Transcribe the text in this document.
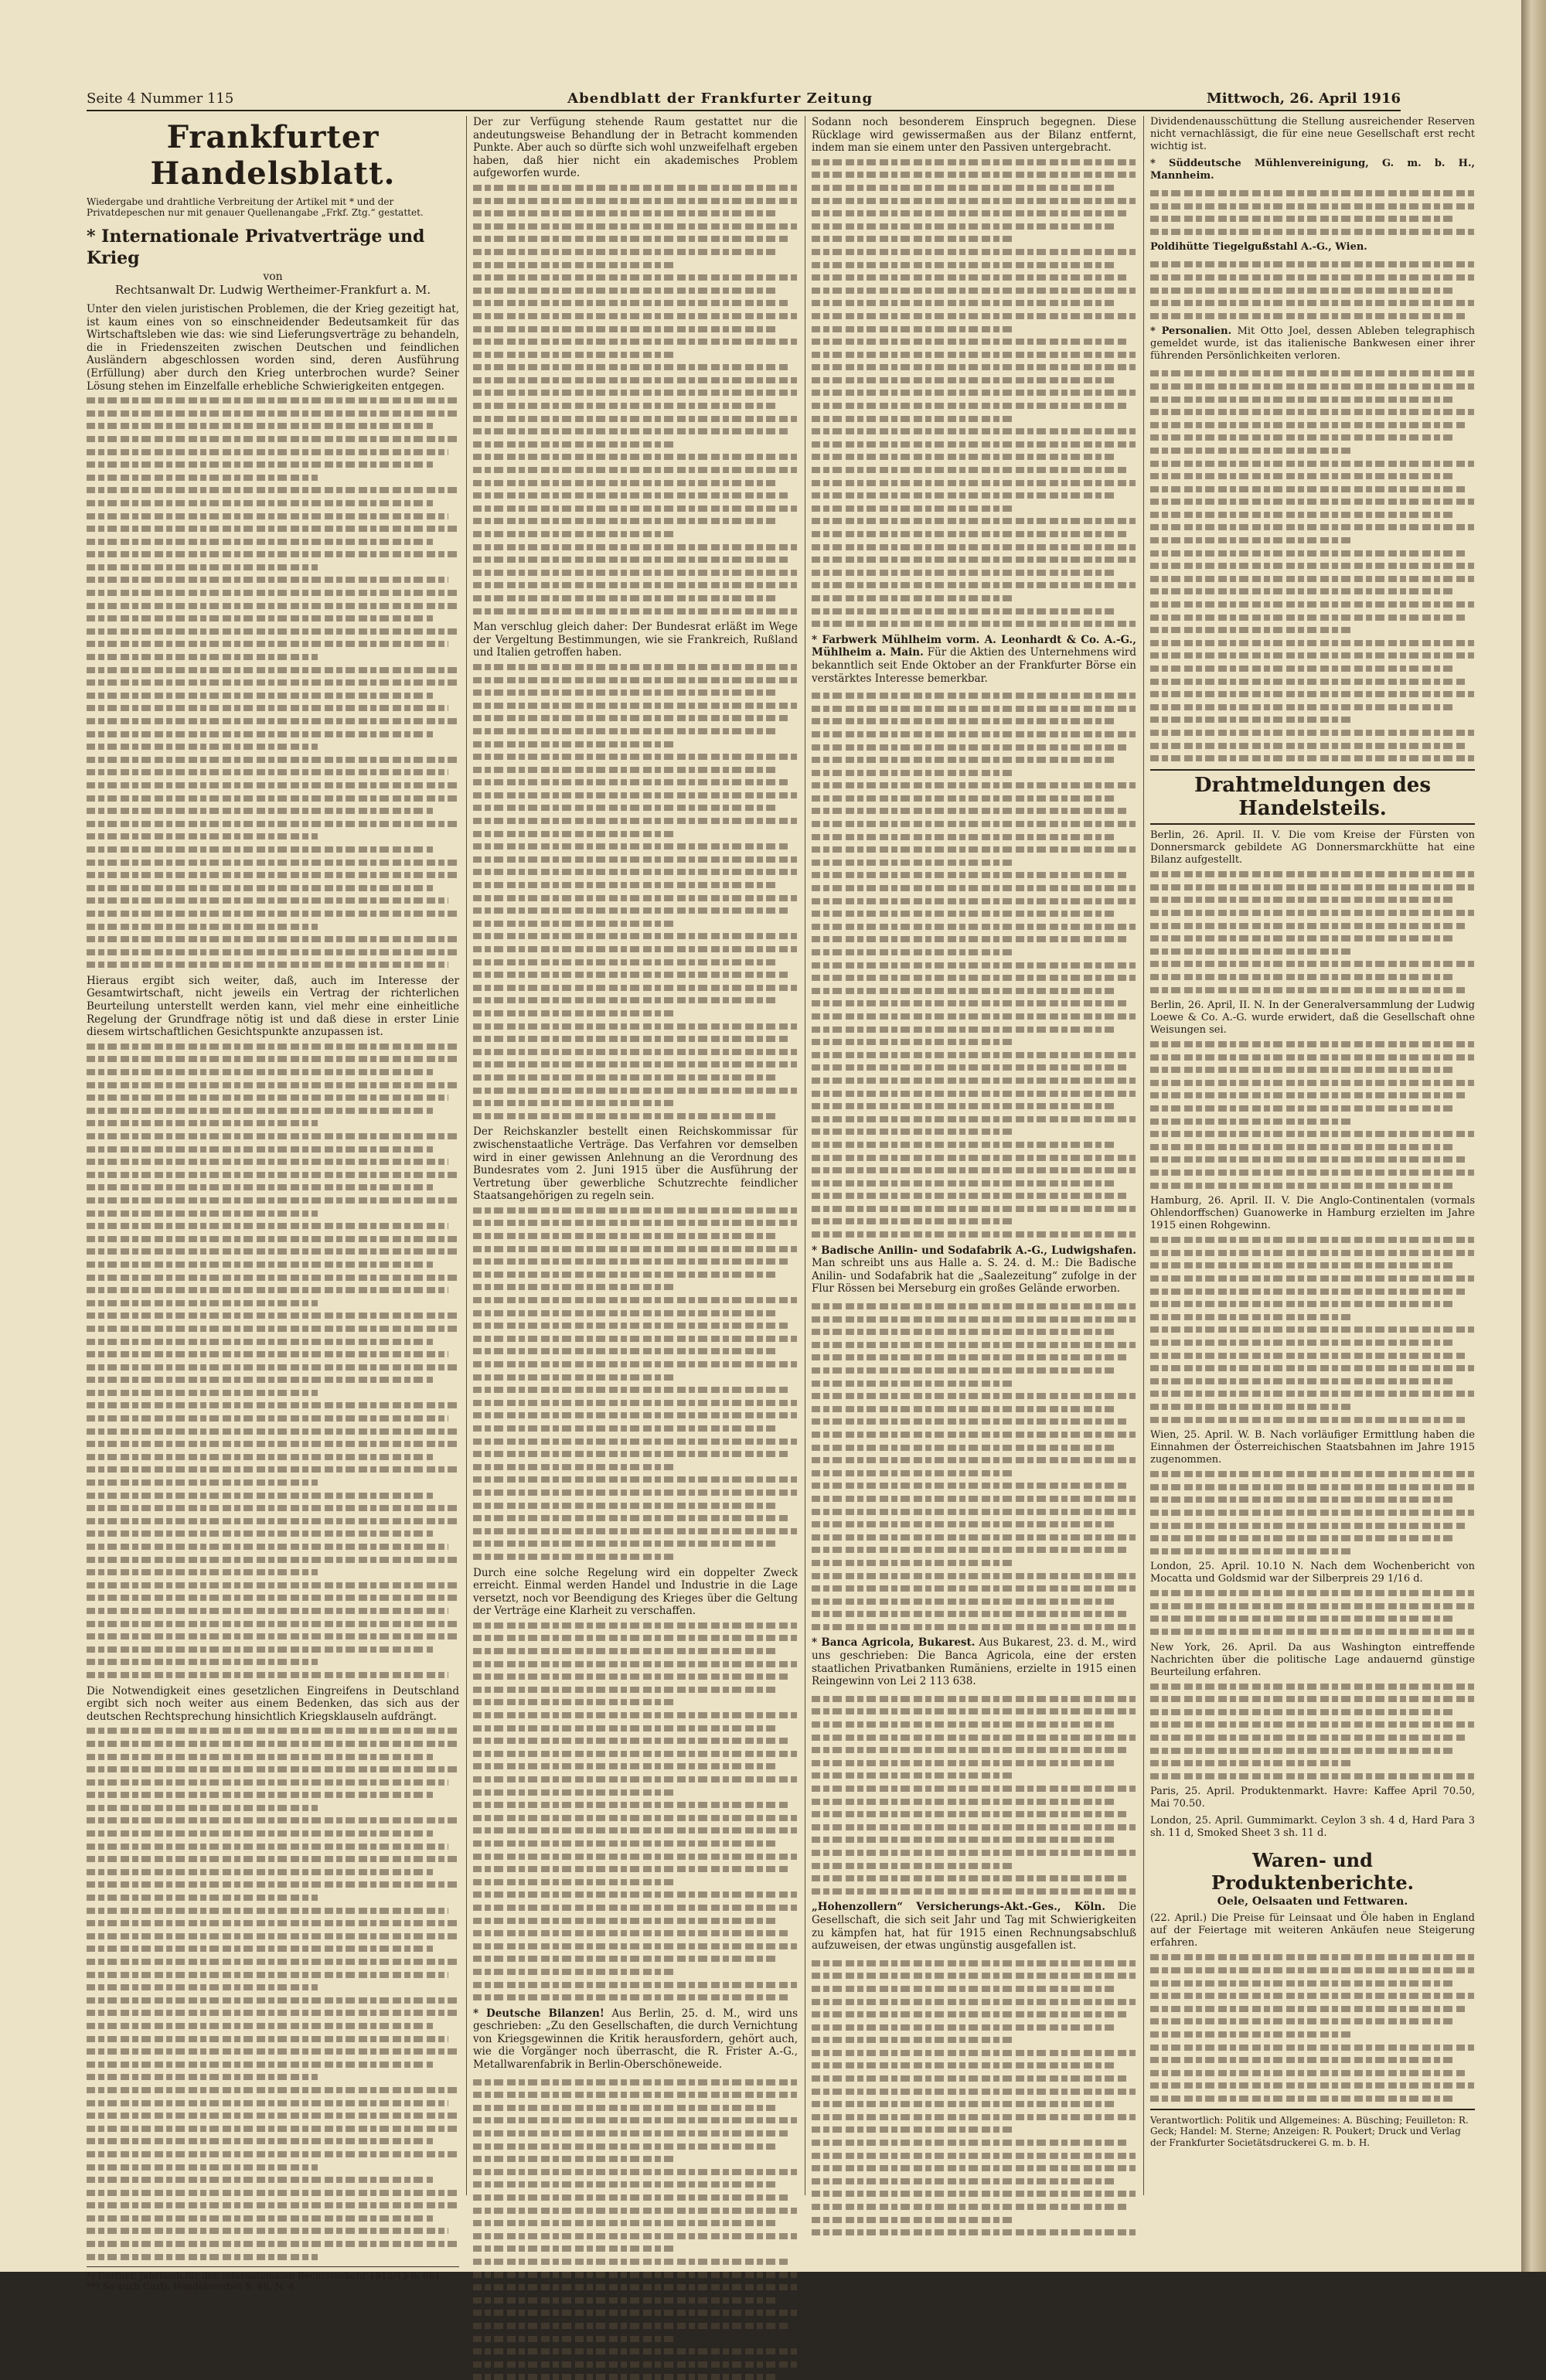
Seite 4 Nummer 115	Abendblatt der Frankfurter Zeitung	Mittwoch, 26. April 1916
Frankfurter Handelsblatt.
Wiedergabe und drahtliche Verbreitung der Artikel mit * und der Privatdepeschen nur mit genauer Quellenangabe „Frkf. Ztg.“ gestattet.
* Internationale Privatverträge und Krieg
von
Rechtsanwalt Dr. Ludwig Wertheimer-Frankfurt a. M.

Unter den vielen juristischen Problemen, die der Krieg gezeitigt hat, ist kaum eines von so einschneidender Bedeutsamkeit für das Wirtschaftsleben wie das: wie sind Lieferungsverträge zu behandeln, die in Friedenszeiten zwischen Deutschen und feindlichen Ausländern abgeschlossen worden sind, deren Ausführung (Erfüllung) aber durch den Krieg unterbrochen wurde? Seiner Lösung stehen im Einzelfalle erhebliche Schwierigkeiten entgegen.

Hieraus ergibt sich weiter, daß, auch im Interesse der Gesamtwirtschaft, nicht jeweils ein Vertrag der richterlichen Beurteilung unterstellt werden kann, viel mehr eine einheitliche Regelung der Grundfrage nötig ist und daß diese in erster Linie diesem wirtschaftlichen Gesichtspunkte anzupassen ist.

Die Notwendigkeit eines gesetzlichen Eingreifens in Deutschland ergibt sich noch weiter aus einem Bedenken, das sich aus der deutschen Rechtsprechung hinsichtlich Kriegsklauseln aufdrängt.

*) Dorfner, Jahrbuch für den internationalen Rechtsverkehr 1912/13 S. 661.
**) So auch Curti, Handelsverbot S. 46, N. 4.

Der zur Verfügung stehende Raum gestattet nur die andeutungsweise Behandlung der in Betracht kommenden Punkte. Aber auch so dürfte sich wohl unzweifelhaft ergeben haben, daß hier nicht ein akademisches Problem aufgeworfen wurde.

Man verschlug gleich daher: Der Bundesrat erläßt im Wege der Vergeltung Bestimmungen, wie sie Frankreich, Rußland und Italien getroffen haben.

Der Reichskanzler bestellt einen Reichskommissar für zwischenstaatliche Verträge. Das Verfahren vor demselben wird in einer gewissen Anlehnung an die Verordnung des Bundesrates vom 2. Juni 1915 über die Ausführung der Vertretung über gewerbliche Schutzrechte feindlicher Staatsangehörigen zu regeln sein.

Durch eine solche Regelung wird ein doppelter Zweck erreicht. Einmal werden Handel und Industrie in die Lage versetzt, noch vor Beendigung des Krieges über die Geltung der Verträge eine Klarheit zu verschaffen.

* Deutsche Bilanzen! Aus Berlin, 25. d. M., wird uns geschrieben: „Zu den Gesellschaften, die durch Vernichtung von Kriegsgewinnen die Kritik herausfordern, gehört auch, wie die Vorgänger noch überrascht, die R. Frister A.-G., Metallwarenfabrik in Berlin-Oberschöneweide.

Sodann noch besonderem Einspruch begegnen. Diese Rücklage wird gewissermaßen aus der Bilanz entfernt, indem man sie einem unter den Passiven untergebracht.

* Farbwerk Mühlheim vorm. A. Leonhardt & Co. A.-G., Mühlheim a. Main. Für die Aktien des Unternehmens wird bekanntlich seit Ende Oktober an der Frankfurter Börse ein verstärktes Interesse bemerkbar.
* Badische Anilin- und Sodafabrik A.-G., Ludwigshafen. Man schreibt uns aus Halle a. S. 24. d. M.: Die Badische Anilin- und Sodafabrik hat die „Saalezeitung“ zufolge in der Flur Rössen bei Merseburg ein großes Gelände erworben.
* Banca Agricola, Bukarest. Aus Bukarest, 23. d. M., wird uns geschrieben: Die Banca Agricola, eine der ersten staatlichen Privatbanken Rumäniens, erzielte in 1915 einen Reingewinn von Lei 2 113 638.
„Hohenzollern“ Versicherungs-Akt.-Ges., Köln. Die Gesellschaft, die sich seit Jahr und Tag mit Schwierigkeiten zu kämpfen hat, hat für 1915 einen Rechnungsabschluß aufzuweisen, der etwas ungünstig ausgefallen ist.

Dividendenausschüttung die Stellung ausreichender Reserven nicht vernachlässigt, die für eine neue Gesellschaft erst recht wichtig ist.

* Süddeutsche Mühlenvereinigung, G. m. b. H., Mannheim.
Poldihütte Tiegelgußstahl A.-G., Wien.
* Personalien. Mit Otto Joel, dessen Ableben telegraphisch gemeldet wurde, ist das italienische Bankwesen einer ihrer führenden Persönlichkeiten verloren.
Drahtmeldungen des Handelsteils.

Berlin, 26. April. II. V. Die vom Kreise der Fürsten von Donnersmarck gebildete AG Donnersmarckhütte hat eine Bilanz aufgestellt.

Berlin, 26. April, II. N. In der Generalversammlung der Ludwig Loewe & Co. A.-G. wurde erwidert, daß die Gesellschaft ohne Weisungen sei.

Hamburg, 26. April. II. V. Die Anglo-Continentalen (vormals Ohlendorffschen) Guanowerke in Hamburg erzielten im Jahre 1915 einen Rohgewinn.

Wien, 25. April. W. B. Nach vorläufiger Ermittlung haben die Einnahmen der Österreichischen Staatsbahnen im Jahre 1915 zugenommen.

London, 25. April. 10.10 N. Nach dem Wochenbericht von Mocatta und Goldsmid war der Silberpreis 29 1/16 d.

New York, 26. April. Da aus Washington eintreffende Nachrichten über die politische Lage andauernd günstige Beurteilung erfahren.

Paris, 25. April. Produktenmarkt. Havre: Kaffee April 70.50, Mai 70.50.

London, 25. April. Gummimarkt. Ceylon 3 sh. 4 d, Hard Para 3 sh. 11 d, Smoked Sheet 3 sh. 11 d.

Waren- und Produktenberichte.
Oele, Oelsaaten und Fettwaren.

(22. April.) Die Preise für Leinsaat und Öle haben in England auf der Feiertage mit weiteren Ankäufen neue Steigerung erfahren.

Verantwortlich: Politik und Allgemeines: A. Büsching; Feuilleton: R. Geck; Handel: M. Sterne; Anzeigen: R. Poukert; Druck und Verlag der Frankfurter Societätsdruckerei G. m. b. H.
